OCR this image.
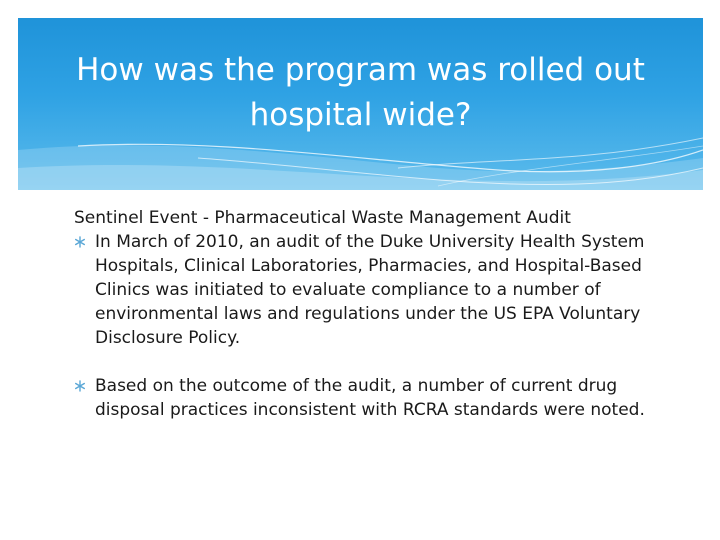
How was the program was rolled out
hospital wide?

Sentinel Event - Pharmaceutical Waste Management Audit

In March of 2010, an audit of the Duke University Health System Hospitals, Clinical Laboratories, Pharmacies, and Hospital-Based Clinics was initiated to evaluate compliance to a number of environmental laws and regulations under the US EPA Voluntary Disclosure Policy.
Based on the outcome of the audit, a number of current drug disposal practices inconsistent with RCRA standards were noted.
